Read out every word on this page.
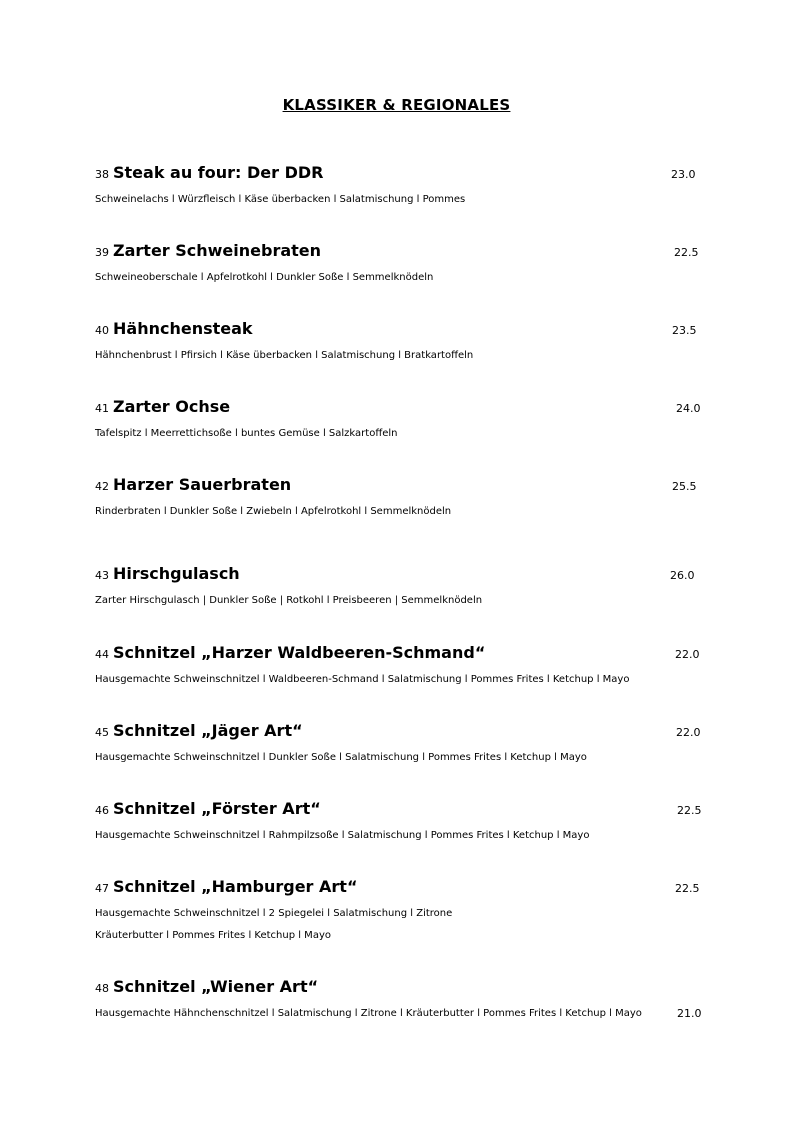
KLASSIKER & REGIONALES
38 Steak au four: Der DDR	23.0
Schweinelachs l Würzfleisch l Käse überbacken l Salatmischung l Pommes
39 Zarter Schweinebraten	22.5
Schweineoberschale l Apfelrotkohl l Dunkler Soße l Semmelknödeln
40 Hähnchensteak	23.5
Hähnchenbrust l Pfirsich l Käse überbacken l Salatmischung l Bratkartoffeln
41 Zarter Ochse	24.0
Tafelspitz l Meerrettichsoße l buntes Gemüse l Salzkartoffeln
42 Harzer Sauerbraten	25.5
Rinderbraten l Dunkler Soße l Zwiebeln l Apfelrotkohl l Semmelknödeln
43 Hirschgulasch	26.0
Zarter Hirschgulasch | Dunkler Soße | Rotkohl l Preisbeeren | Semmelknödeln
44 Schnitzel „Harzer Waldbeeren-Schmand“	22.0
Hausgemachte Schweinschnitzel l Waldbeeren-Schmand l Salatmischung l Pommes Frites l Ketchup l Mayo
45 Schnitzel „Jäger Art“	22.0
Hausgemachte Schweinschnitzel l Dunkler Soße l Salatmischung l Pommes Frites l Ketchup l Mayo
46 Schnitzel „Förster Art“	22.5
Hausgemachte Schweinschnitzel l Rahmpilzsoße l Salatmischung l Pommes Frites l Ketchup l Mayo
47 Schnitzel „Hamburger Art“	22.5
Hausgemachte Schweinschnitzel l 2 Spiegelei l Salatmischung l Zitrone
Kräuterbutter l Pommes Frites l Ketchup l Mayo
48 Schnitzel „Wiener Art“
Hausgemachte Hähnchenschnitzel l Salatmischung l Zitrone l Kräuterbutter l Pommes Frites l Ketchup l Mayo	21.0
